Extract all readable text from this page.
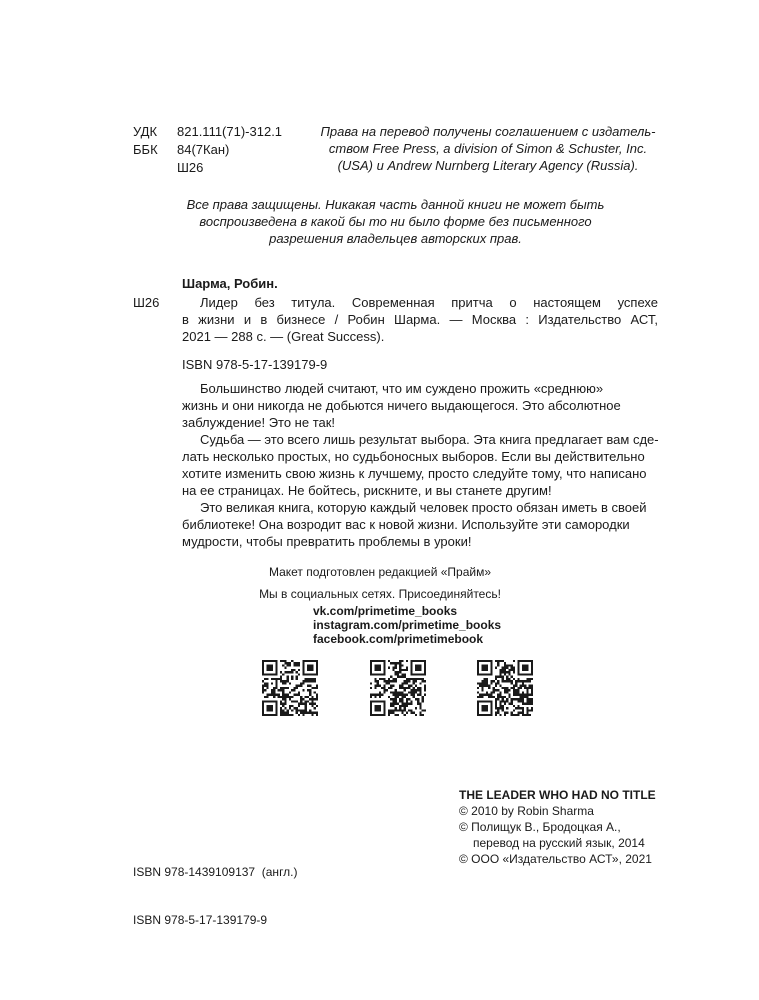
УДК 821.111(71)-312.1
ББК 84(7Кан)
Ш26
Права на перевод получены соглашением с издатель-
ством Free Press, a division of Simon & Schuster, Inc.
(USA) и Andrew Nurnberg Literary Agency (Russia).
Все права защищены. Никакая часть данной книги не может быть
воспроизведена в какой бы то ни было форме без письменного
разрешения владельцев авторских прав.
Шарма, Робин.
Ш26	Лидер без титула. Современная притча о настоящем успехе
в жизни и в бизнесе / Робин Шарма. — Москва : Издательство АСТ,
2021 — 288 с. — (Great Success).
ISBN 978-5-17-139179-9
Большинство людей считают, что им суждено прожить «среднюю»
жизнь и они никогда не добьются ничего выдающегося. Это абсолютное
заблуждение! Это не так!
Судьба — это всего лишь результат выбора. Эта книга предлагает вам сде-
лать несколько простых, но судьбоносных выборов. Если вы действительно
хотите изменить свою жизнь к лучшему, просто следуйте тому, что написано
на ее страницах. Не бойтесь, рискните, и вы станете другим!
Это великая книга, которую каждый человек просто обязан иметь в своей
библиотеке! Она возродит вас к новой жизни. Используйте эти самородки
мудрости, чтобы превратить проблемы в уроки!
Макет подготовлен редакцией «Прайм»
Мы в социальных сетях. Присоединяйтесь!
vk.com/primetime_books
instagram.com/primetime_books
facebook.com/primetimebook
THE LEADER WHO HAD NO TITLE
© 2010 by Robin Sharma
© Полищук В., Бродоцкая А.,
перевод на русский язык, 2014
© ООО «Издательство АСТ», 2021

ISBN 978-1439109137  (англ.)

ISBN 978-5-17-139179-9
